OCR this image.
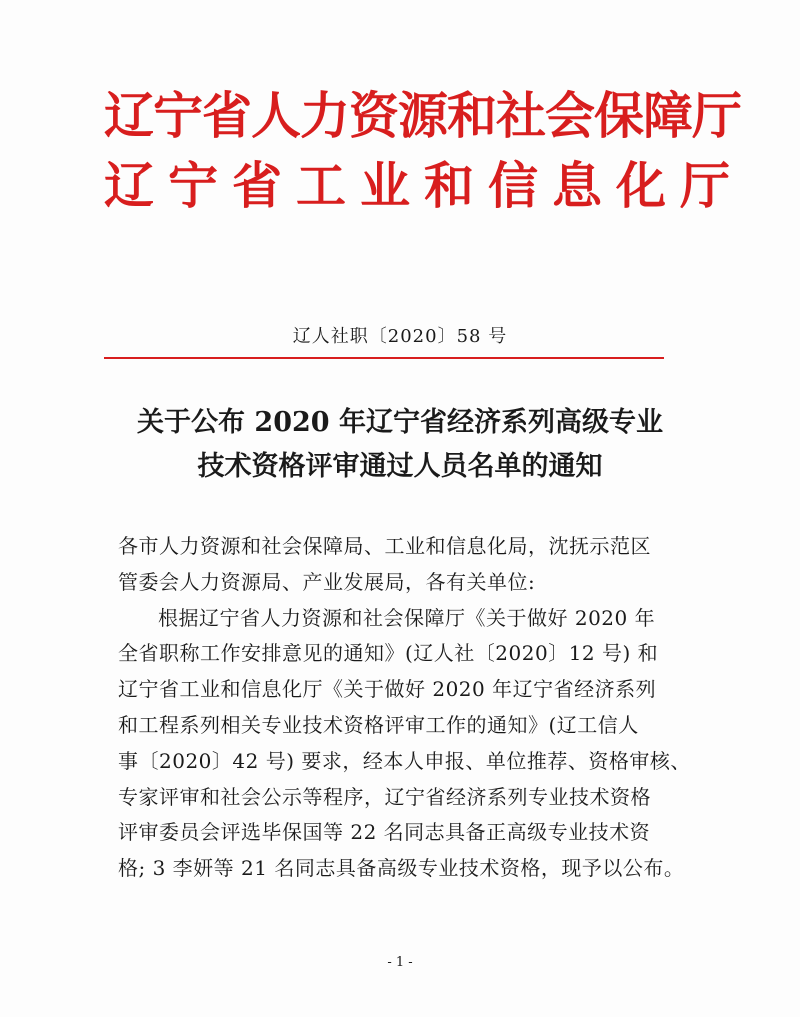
辽宁省人力资源和社会保障厅
辽宁省工业和信息化厅
辽人社职〔2020〕58 号
关于公布 2020 年辽宁省经济系列高级专业
技术资格评审通过人员名单的通知
各市人力资源和社会保障局、工业和信息化局，沈抚示范区
管委会人力资源局、产业发展局，各有关单位:
根据辽宁省人力资源和社会保障厅《关于做好 2020 年
全省职称工作安排意见的通知》(辽人社〔2020〕12 号) 和
辽宁省工业和信息化厅《关于做好 2020 年辽宁省经济系列
和工程系列相关专业技术资格评审工作的通知》(辽工信人
事〔2020〕42 号) 要求，经本人申报、单位推荐、资格审核、
专家评审和社会公示等程序，辽宁省经济系列专业技术资格
评审委员会评选毕保国等 22 名同志具备正高级专业技术资
格; 3 李妍等 21 名同志具备高级专业技术资格，现予以公布。
- 1 -
